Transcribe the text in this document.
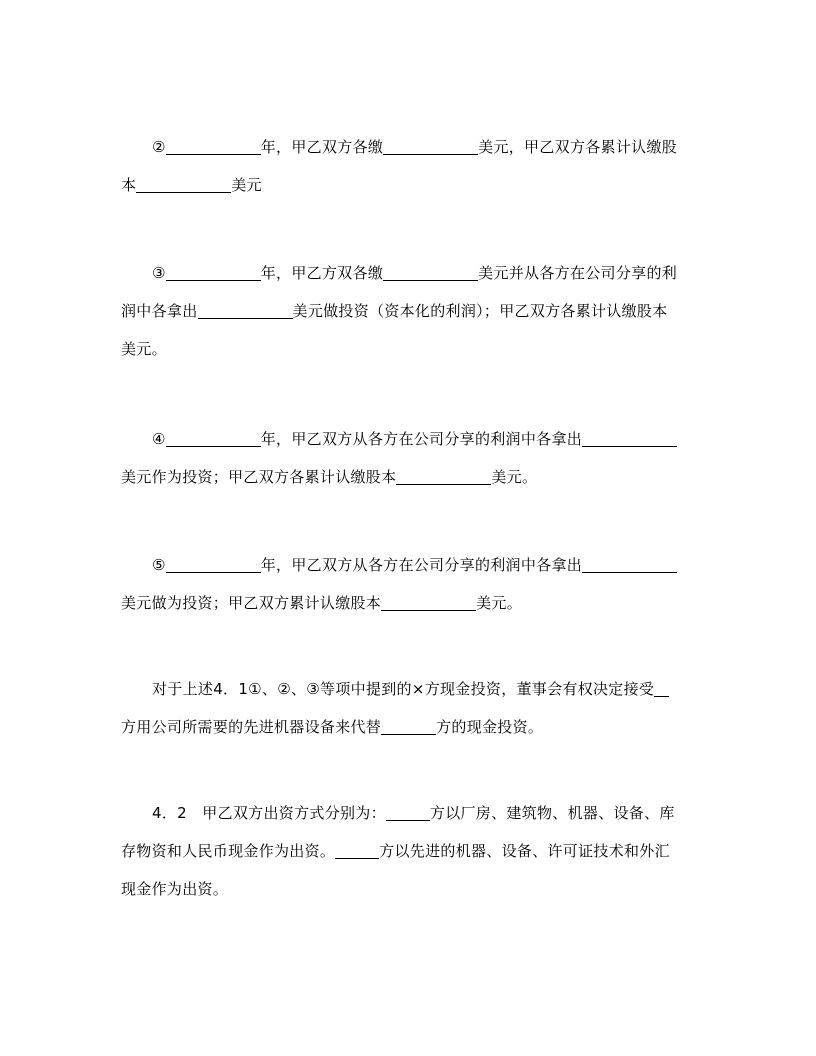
②	年，甲乙双方各缴	美元，甲乙双方各累计认缴股
本	美元
③	年，甲乙方双各缴	美元并从各方在公司分享的利
润中各拿出	美元做投资（资本化的利润）；甲乙双方各累计认缴股本
美元。
④	年，甲乙双方从各方在公司分享的利润中各拿出
美元作为投资；甲乙双方各累计认缴股本	美元。
⑤	年，甲乙双方从各方在公司分享的利润中各拿出
美元做为投资；甲乙双方累计认缴股本	美元。
对于上述4．1①、②、③等项中提到的×方现金投资，董事会有权决定接受
方用公司所需要的先进机器设备来代替	方的现金投资。
4．2　甲乙双方出资方式分别为：	方以厂房、建筑物、机器、设备、库
存物资和人民币现金作为出资。	方以先进的机器、设备、许可证技术和外汇
现金作为出资。
